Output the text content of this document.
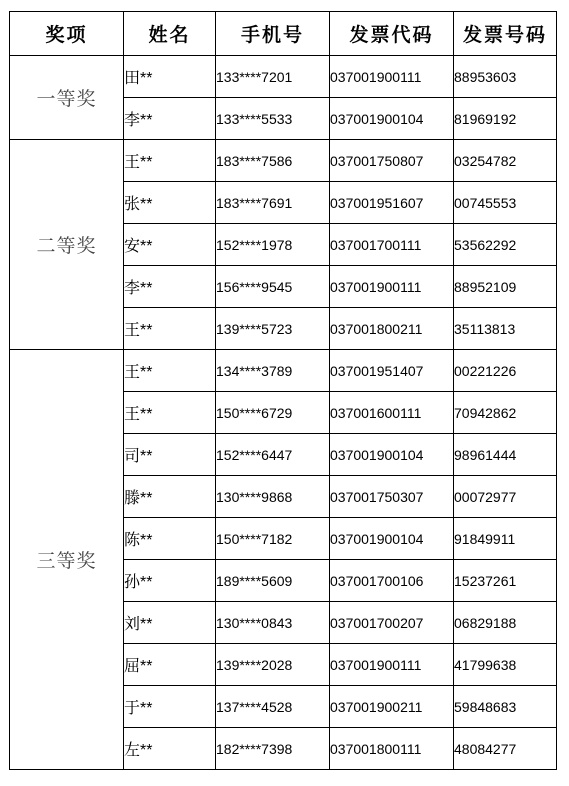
奖项	姓名	手机号	发票代码	发票号码
一等奖	田**	133****7201	037001900111	88953603
	李**	133****5533	037001900104	81969192
二等奖	王**	183****7586	037001750807	03254782
	张**	183****7691	037001951607	00745553
	安**	152****1978	037001700111	53562292
	李**	156****9545	037001900111	88952109
	王**	139****5723	037001800211	35113813
三等奖	王**	134****3789	037001951407	00221226
	王**	150****6729	037001600111	70942862
	司**	152****6447	037001900104	98961444
	滕**	130****9868	037001750307	00072977
	陈**	150****7182	037001900104	91849911
	孙**	189****5609	037001700106	15237261
	刘**	130****0843	037001700207	06829188
	屈**	139****2028	037001900111	41799638
	于**	137****4528	037001900211	59848683
	左**	182****7398	037001800111	48084277
